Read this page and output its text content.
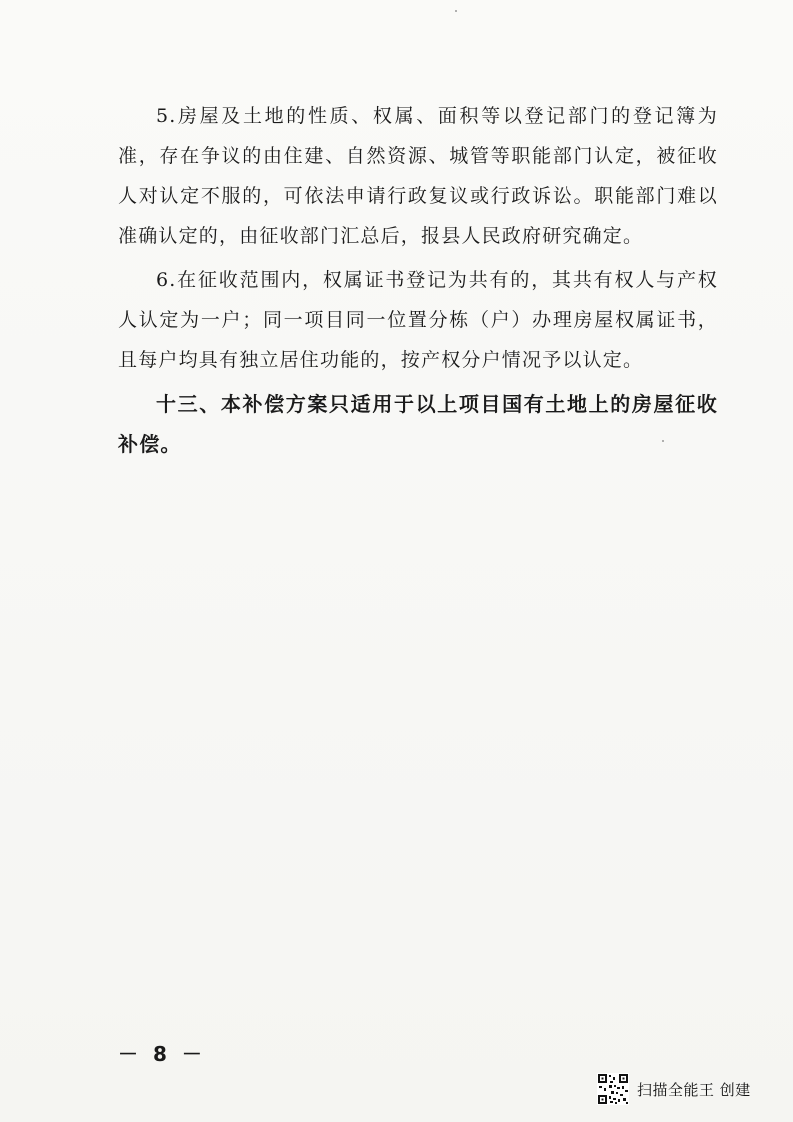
5.房屋及土地的性质、权属、面积等以登记部门的登记簿为准，存在争议的由住建、自然资源、城管等职能部门认定，被征收人对认定不服的，可依法申请行政复议或行政诉讼。职能部门难以准确认定的，由征收部门汇总后，报县人民政府研究确定。

6.在征收范围内，权属证书登记为共有的，其共有权人与产权人认定为一户；同一项目同一位置分栋（户）办理房屋权属证书，且每户均具有独立居住功能的，按产权分户情况予以认定。

十三、本补偿方案只适用于以上项目国有土地上的房屋征收补偿。

－ 8 －
扫描全能王 创建
